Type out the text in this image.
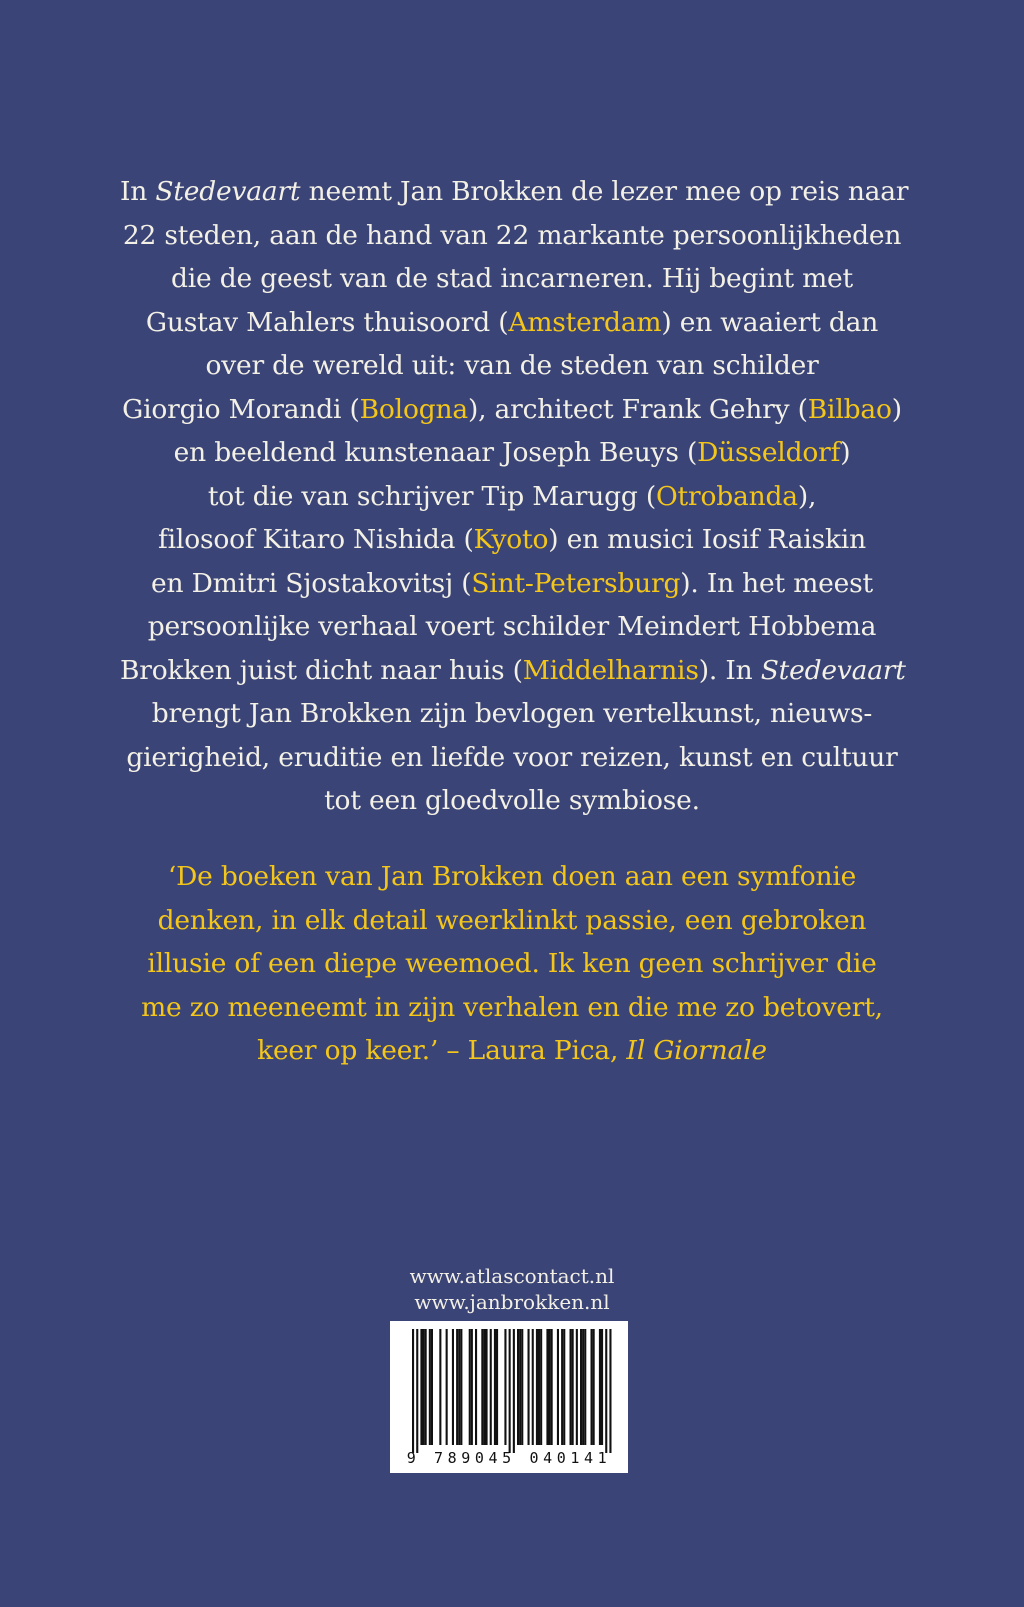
In Stedevaart neemt Jan Brokken de lezer mee op reis naar
22 steden, aan de hand van 22 markante persoonlijkheden
die de geest van de stad incarneren. Hij begint met
Gustav Mahlers thuisoord (Amsterdam) en waaiert dan
over de wereld uit: van de steden van schilder
Giorgio Morandi (Bologna), architect Frank Gehry (Bilbao)
en beeldend kunstenaar Joseph Beuys (Düsseldorf)
tot die van schrijver Tip Marugg (Otrobanda),
filosoof Kitaro Nishida (Kyoto) en musici Iosif Raiskin
en Dmitri Sjostakovitsj (Sint-Petersburg). In het meest
persoonlijke verhaal voert schilder Meindert Hobbema
Brokken juist dicht naar huis (Middelharnis). In Stedevaart
brengt Jan Brokken zijn bevlogen vertelkunst, nieuws-
gierigheid, eruditie en liefde voor reizen, kunst en cultuur
tot een gloedvolle symbiose.
‘De boeken van Jan Brokken doen aan een symfonie
denken, in elk detail weerklinkt passie, een gebroken
illusie of een diepe weemoed. Ik ken geen schrijver die
me zo meeneemt in zijn verhalen en die me zo betovert,
keer op keer.’ – Laura Pica, Il Giornale
www.atlascontact.nl
www.janbrokken.nl
9 789045 040141
